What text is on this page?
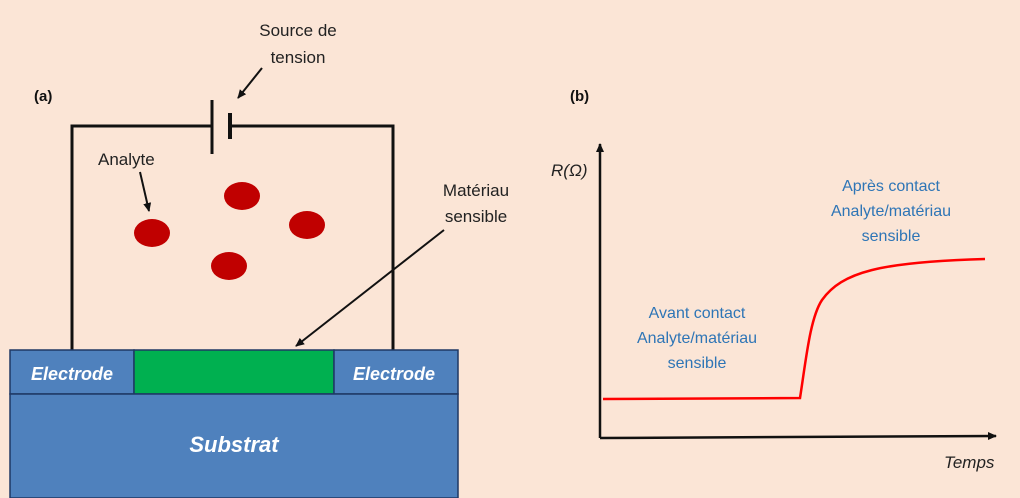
(a)
Source de
tension
Analyte
Matériau
sensible
Electrode	Electrode
Substrat
(b)
R(Ω)
Temps
Avant contact
Analyte/matériau
sensible
Après contact
Analyte/matériau
sensible
